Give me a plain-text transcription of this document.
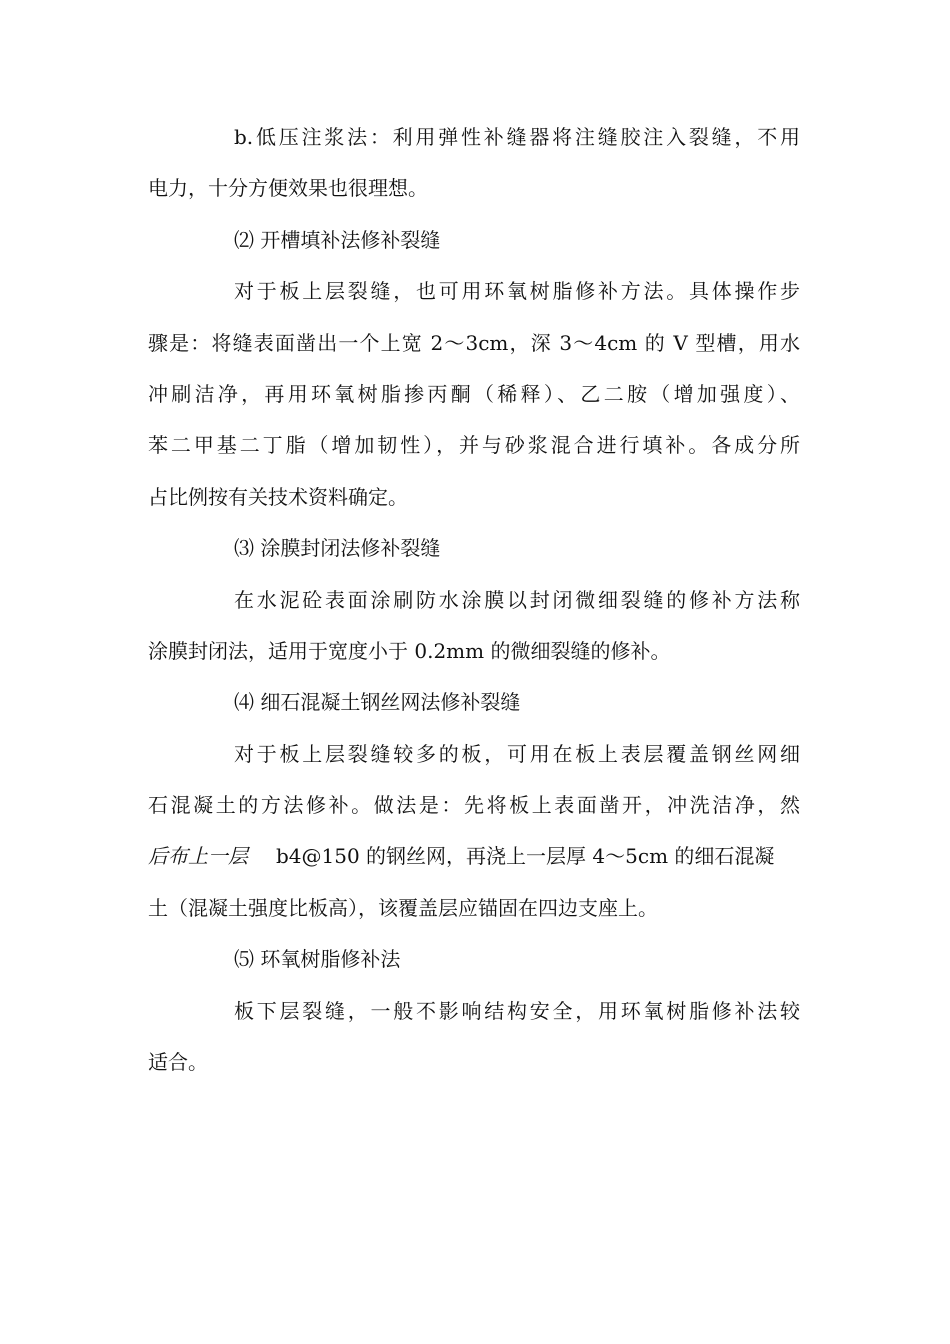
b.低压注浆法：利用弹性补缝器将注缝胶注入裂缝，不用
电力，十分方便效果也很理想。
⑵ 开槽填补法修补裂缝
对于板上层裂缝，也可用环氧树脂修补方法。具体操作步
骤是：将缝表面凿出一个上宽 2～3cm，深 3～4cm 的 V 型槽，用水
冲刷洁净，再用环氧树脂掺丙酮（稀释）、乙二胺（增加强度）、
苯二甲基二丁脂（增加韧性），并与砂浆混合进行填补。各成分所
占比例按有关技术资料确定。
⑶ 涂膜封闭法修补裂缝
在水泥砼表面涂刷防水涂膜以封闭微细裂缝的修补方法称
涂膜封闭法，适用于宽度小于 0.2mm 的微细裂缝的修补。
⑷ 细石混凝土钢丝网法修补裂缝
对于板上层裂缝较多的板，可用在板上表层覆盖钢丝网细
石混凝土的方法修补。做法是：先将板上表面凿开，冲洗洁净，然
后布上一层 b4@150 的钢丝网，再浇上一层厚 4～5cm 的细石混凝
土（混凝土强度比板高），该覆盖层应锚固在四边支座上。
⑸ 环氧树脂修补法
板下层裂缝，一般不影响结构安全，用环氧树脂修补法较
适合。
